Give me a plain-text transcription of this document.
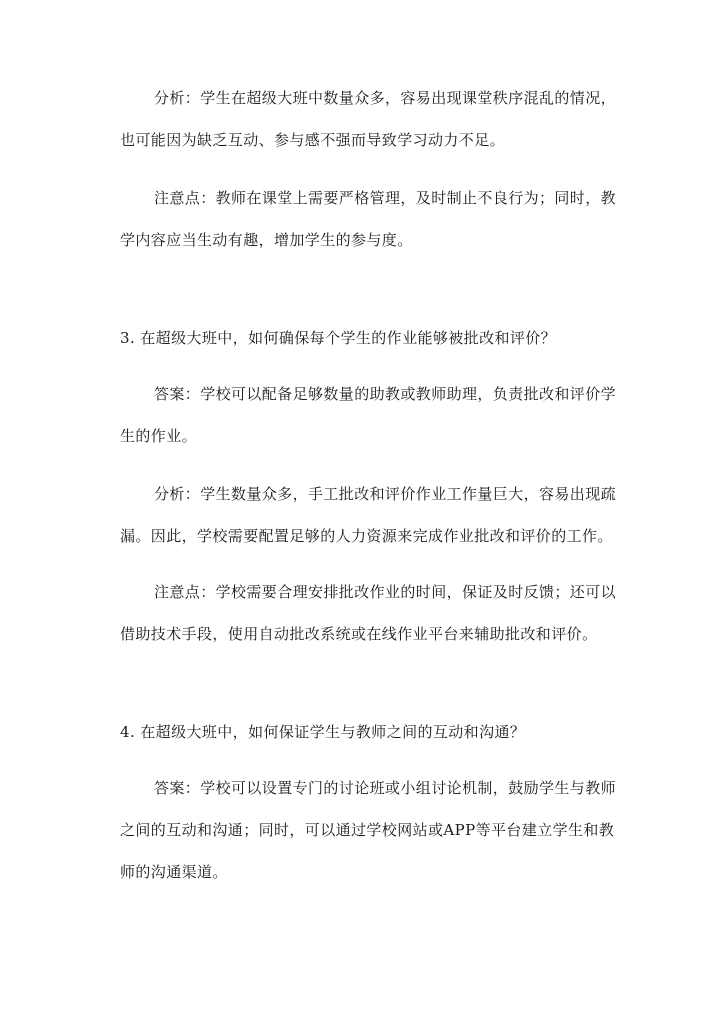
分析：学生在超级大班中数量众多，容易出现课堂秩序混乱的情况，
也可能因为缺乏互动、参与感不强而导致学习动力不足。
注意点：教师在课堂上需要严格管理，及时制止不良行为；同时，教
学内容应当生动有趣，增加学生的参与度。
3. 在超级大班中，如何确保每个学生的作业能够被批改和评价？
答案：学校可以配备足够数量的助教或教师助理，负责批改和评价学
生的作业。
分析：学生数量众多，手工批改和评价作业工作量巨大，容易出现疏
漏。因此，学校需要配置足够的人力资源来完成作业批改和评价的工作。
注意点：学校需要合理安排批改作业的时间，保证及时反馈；还可以
借助技术手段，使用自动批改系统或在线作业平台来辅助批改和评价。
4. 在超级大班中，如何保证学生与教师之间的互动和沟通？
答案：学校可以设置专门的讨论班或小组讨论机制，鼓励学生与教师
之间的互动和沟通；同时，可以通过学校网站或APP等平台建立学生和教
师的沟通渠道。
